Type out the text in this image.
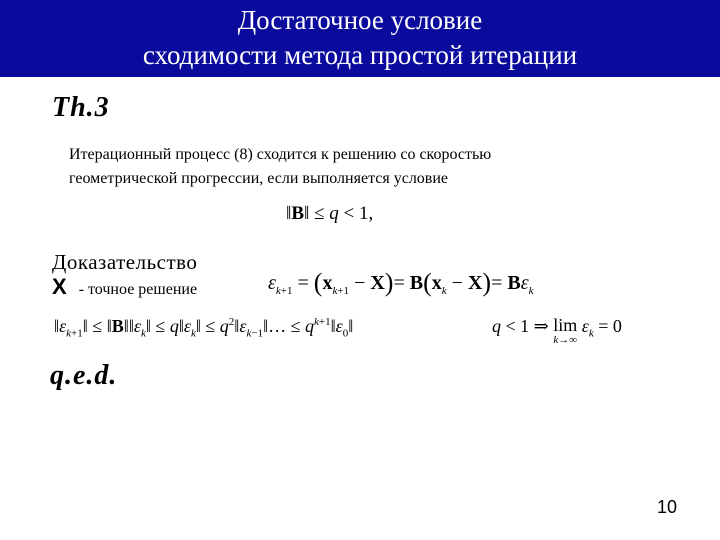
Достаточное условие
сходимости метода простой итерации
Th.3
Итерационный процесс (8) сходится к решению со скоростью
геометрической прогрессии, если выполняется условие
‖B‖ ≤ q < 1,
Доказательство
X - точное решение	$\varepsilon_{k+1} = (x_{k+1} - X)= B(x_k - X)= B\varepsilon_k$
$‖\varepsilon_{k+1}‖$ ≤ $‖B‖‖\varepsilon_k‖$ ≤ $q‖\varepsilon_k‖$ ≤ $q^2‖\varepsilon_{k-1}‖\dots$ ≤ $q^{k+1}‖\varepsilon_0‖$	q < 1 ⇒ lim
k→∞
$\varepsilon_k = 0$
q.e.d.
10
